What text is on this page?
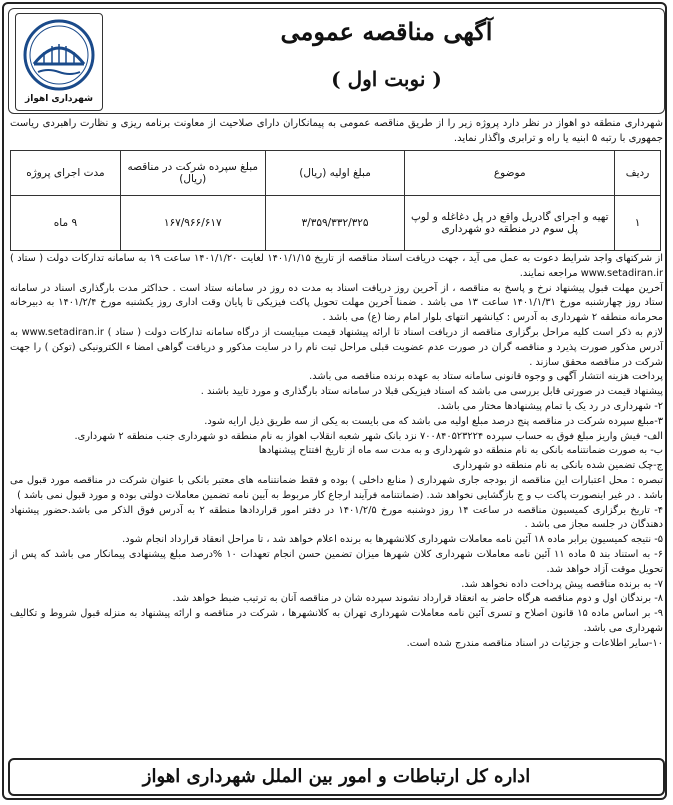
آگهی مناقصه عمومی
( نوبت اول )
شهرداری اهواز
شهرداری منطقه دو اهواز در نظر دارد پروژه زیر را از طریق مناقصه عمومی به پیمانکاران دارای صلاحیت از معاونت برنامه ریزی و نظارت راهبردی ریاست جمهوری با رتبه ۵ ابنیه یا راه و ترابری واگذار نماید.
ردیف	موضوع	مبلغ اولیه (ریال)	مبلغ سپرده شرکت در مناقصه (ریال)	مدت اجرای پروژه
۱	تهیه و اجرای گادریل واقع در پل دغاغله و لوپ پل سوم در منطقه دو شهرداری	۳/۳۵۹/۳۳۲/۳۲۵	۱۶۷/۹۶۶/۶۱۷	۹ ماه

از شرکتهای واجد شرایط دعوت به عمل می آید ، جهت دریافت اسناد مناقصه از تاریخ ۱۴۰۱/۱/۱۵ لغایت ۱۴۰۱/۱/۲۰ ساعت ۱۹ به سامانه تدارکات دولت ( ستاد ) www.setadiran.ir مراجعه نمایند.

آخرین مهلت قبول پیشنهاد نرخ و پاسخ به مناقصه ، از آخرین روز دریافت اسناد به مدت ده روز در سامانه ستاد است . حداکثر مدت بارگذاری اسناد در سامانه ستاد روز چهارشنبه مورخ ۱۴۰۱/۱/۳۱ ساعت ۱۳ می باشد . ضمنا آخرین مهلت تحویل پاکت فیزیکی تا پایان وقت اداری روز یکشنبه مورخ ۱۴۰۱/۲/۴ به دبیرخانه محرمانه منطقه ۲ شهرداری به آدرس : کیانشهر انتهای بلوار امام رضا (ع) می باشد .

لازم به ذکر است کلیه مراحل برگزاری مناقصه از دریافت اسناد تا ارائه پیشنهاد قیمت میبایست از درگاه سامانه تدارکات دولت ( ستاد ) www.setadiran.ir به آدرس مذکور صورت پذیرد و مناقصه گران در صورت عدم عضویت قبلی مراحل ثبت نام را در سایت مذکور و دریافت گواهی امضا ء الکترونیکی (توکن ) را جهت شرکت در مناقصه محقق سازند .

پرداخت هزینه انتشار آگهی و وجوه قانونی سامانه ستاد به عهده برنده مناقصه می باشد.

پیشنهاد قیمت در صورتی قابل بررسی می باشد که اسناد فیزیکی قبلا در سامانه ستاد بارگذاری و مورد تایید باشند .

۲- شهرداری در رد یک یا تمام پیشنهادها مختار می باشد.

۳-مبلغ سپرده شرکت در مناقصه پنج درصد مبلغ اولیه می باشد که می بایست به یکی از سه طریق ذیل ارایه شود.

الف- فیش واریز مبلغ فوق به حساب سپرده ۷۰۰۸۴۰۵۲۳۲۲۴ نزد بانک شهر شعبه انقلاب اهواز به نام منطقه دو شهرداری جنب منطقه ۲ شهرداری.

ب- به صورت ضمانتنامه بانکی به نام منطقه دو شهرداری و به مدت سه ماه از تاریخ افتتاح پیشنهادها

ج-چک تضمین شده بانکی به نام منطقه دو شهرداری

تبصره : محل اعتبارات این مناقصه از بودجه جاری شهرداری ( منابع داخلی ) بوده و فقط ضمانتنامه های معتبر بانکی با عنوان شرکت در مناقصه مورد قبول می باشد . در غیر اینصورت پاکت ب و ج بازگشایی نخواهد شد. (ضمانتنامه فرآیند ارجاع کار مربوط به آیین نامه تضمین معاملات دولتی بوده و مورد قبول نمی باشد )

۴- تاریخ برگزاری کمیسیون مناقصه در ساعت ۱۴ روز دوشنبه مورخ ۱۴۰۱/۲/۵ در دفتر امور قراردادها منطقه ۲ به آدرس فوق الذکر می باشد.حضور پیشنهاد دهندگان در جلسه مجاز می باشد .

۵- نتیجه کمیسیون برابر ماده ۱۸ آئین نامه معاملات شهرداری کلانشهرها به برنده اعلام خواهد شد ، تا مراحل انعقاد قرارداد انجام شود.

۶- به استناد بند ۵ ماده ۱۱ آئین نامه معاملات شهرداری کلان شهرها میزان تضمین حسن انجام تعهدات ۱۰ %درصد مبلغ پیشنهادی پیمانکار می باشد که پس از تحویل موقت آزاد خواهد شد.

۷- به برنده مناقصه پیش پرداخت داده نخواهد شد.

۸- برندگان اول و دوم مناقصه هرگاه حاضر به انعقاد قرارداد نشوند سپرده شان در مناقصه آنان به ترتیب ضبط خواهد شد.

۹- بر اساس ماده ۱۵ قانون اصلاح و تسری آئین نامه معاملات شهرداری تهران به کلانشهرها ، شرکت در مناقصه و ارائه پیشنهاد به منزله قبول شروط و تکالیف شهرداری می باشد.

۱۰-سایر اطلاعات و جزئیات در اسناد مناقصه مندرج شده است.

اداره کل ارتباطات و امور بین الملل شهرداری اهواز
